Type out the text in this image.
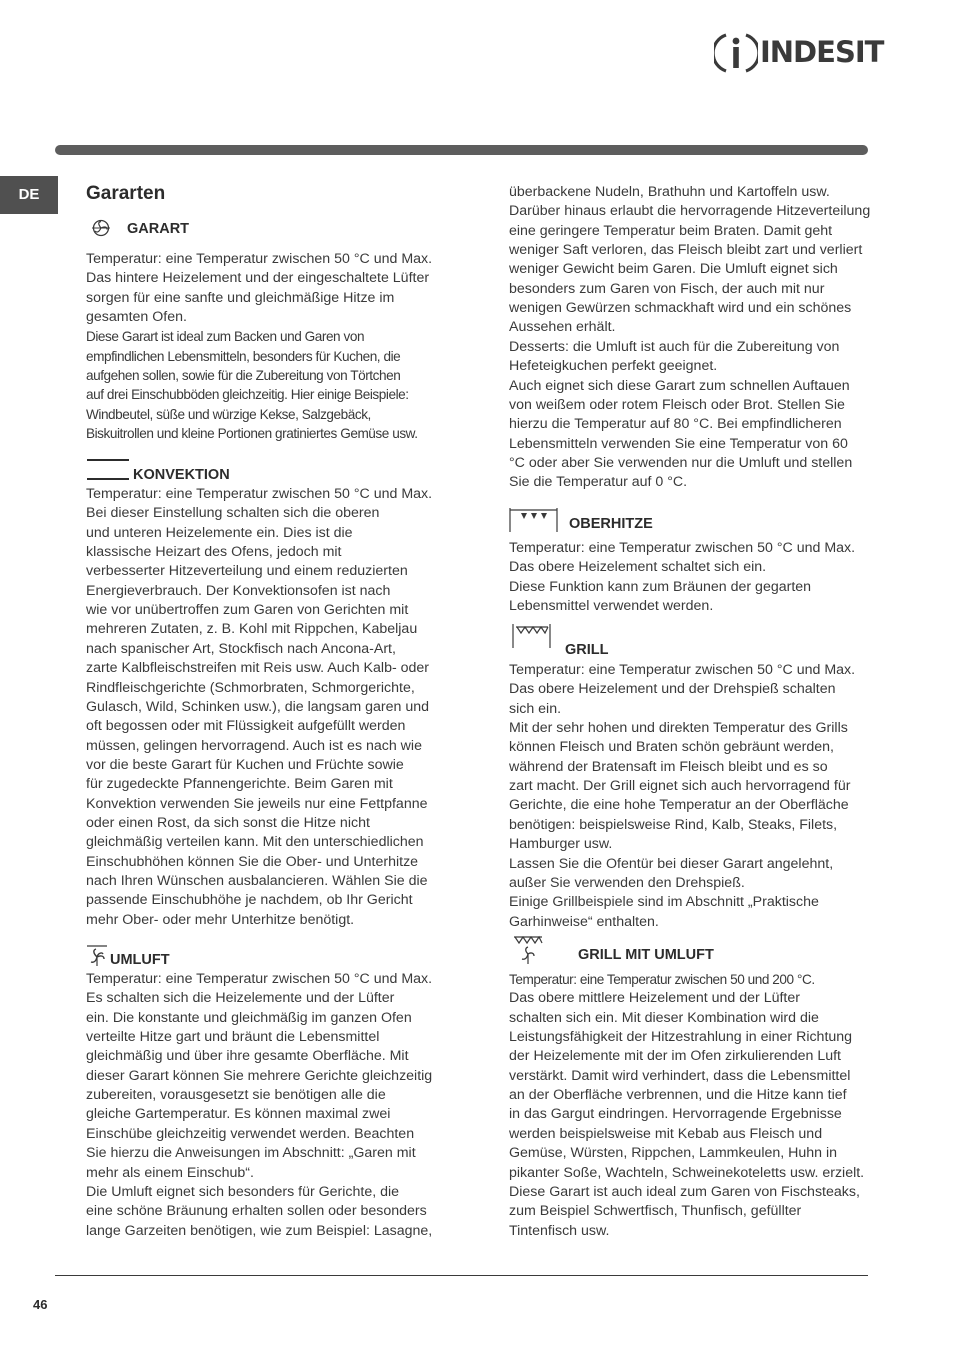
INDESIT
DE	Gararten
GARART

Temperatur: eine Temperatur zwischen 50 °C und Max.

Das hintere Heizelement und der eingeschaltete Lüfter

sorgen für eine sanfte und gleichmäßige Hitze im

gesamten Ofen.

Diese Garart ist ideal zum Backen und Garen von

empfindlichen Lebensmitteln, besonders für Kuchen, die

aufgehen sollen, sowie für die Zubereitung von Törtchen

auf drei Einschubböden gleichzeitig. Hier einige Beispiele:

Windbeutel, süße und würzige Kekse, Salzgebäck,

Biskuitrollen und kleine Portionen gratiniertes Gemüse usw.

KONVEKTION

Temperatur: eine Temperatur zwischen 50 °C und Max.

Bei dieser Einstellung schalten sich die oberen

und unteren Heizelemente ein. Dies ist die

klassische Heizart des Ofens, jedoch mit

verbesserter Hitzeverteilung und einem reduzierten

Energieverbrauch. Der Konvektionsofen ist nach

wie vor unübertroffen zum Garen von Gerichten mit

mehreren Zutaten, z. B. Kohl mit Rippchen, Kabeljau

nach spanischer Art, Stockfisch nach Ancona-Art,

zarte Kalbfleischstreifen mit Reis usw. Auch Kalb- oder

Rindfleischgerichte (Schmorbraten, Schmorgerichte,

Gulasch, Wild, Schinken usw.), die langsam garen und

oft begossen oder mit Flüssigkeit aufgefüllt werden

müssen, gelingen hervorragend. Auch ist es nach wie

vor die beste Garart für Kuchen und Früchte sowie

für zugedeckte Pfannengerichte. Beim Garen mit

Konvektion verwenden Sie jeweils nur eine Fettpfanne

oder einen Rost, da sich sonst die Hitze nicht

gleichmäßig verteilen kann. Mit den unterschiedlichen

Einschubhöhen können Sie die Ober- und Unterhitze

nach Ihren Wünschen ausbalancieren. Wählen Sie die

passende Einschubhöhe je nachdem, ob Ihr Gericht

mehr Ober- oder mehr Unterhitze benötigt.

UMLUFT

Temperatur: eine Temperatur zwischen 50 °C und Max.

Es schalten sich die Heizelemente und der Lüfter

ein. Die konstante und gleichmäßig im ganzen Ofen

verteilte Hitze gart und bräunt die Lebensmittel

gleichmäßig und über ihre gesamte Oberfläche. Mit

dieser Garart können Sie mehrere Gerichte gleichzeitig

zubereiten, vorausgesetzt sie benötigen alle die

gleiche Gartemperatur. Es können maximal zwei

Einschübe gleichzeitig verwendet werden. Beachten

Sie hierzu die Anweisungen im Abschnitt: „Garen mit

mehr als einem Einschub“.

Die Umluft eignet sich besonders für Gerichte, die

eine schöne Bräunung erhalten sollen oder besonders

lange Garzeiten benötigen, wie zum Beispiel: Lasagne,

überbackene Nudeln, Brathuhn und Kartoffeln usw.

Darüber hinaus erlaubt die hervorragende Hitzeverteilung

eine geringere Temperatur beim Braten. Damit geht

weniger Saft verloren, das Fleisch bleibt zart und verliert

weniger Gewicht beim Garen. Die Umluft eignet sich

besonders zum Garen von Fisch, der auch mit nur

wenigen Gewürzen schmackhaft wird und ein schönes

Aussehen erhält.

Desserts: die Umluft ist auch für die Zubereitung von

Hefeteigkuchen perfekt geeignet.

Auch eignet sich diese Garart zum schnellen Auftauen

von weißem oder rotem Fleisch oder Brot. Stellen Sie

hierzu die Temperatur auf 80 °C. Bei empfindlicheren

Lebensmitteln verwenden Sie eine Temperatur von 60

°C oder aber Sie verwenden nur die Umluft und stellen

Sie die Temperatur auf 0 °C.

OBERHITZE

Temperatur: eine Temperatur zwischen 50 °C und Max.

Das obere Heizelement schaltet sich ein.

Diese Funktion kann zum Bräunen der gegarten

Lebensmittel verwendet werden.

GRILL

Temperatur: eine Temperatur zwischen 50 °C und Max.

Das obere Heizelement und der Drehspieß schalten

sich ein.

Mit der sehr hohen und direkten Temperatur des Grills

können Fleisch und Braten schön gebräunt werden,

während der Bratensaft im Fleisch bleibt und es so

zart macht. Der Grill eignet sich auch hervorragend für

Gerichte, die eine hohe Temperatur an der Oberfläche

benötigen: beispielsweise Rind, Kalb, Steaks, Filets,

Hamburger usw.

Lassen Sie die Ofentür bei dieser Garart angelehnt,

außer Sie verwenden den Drehspieß.

Einige Grillbeispiele sind im Abschnitt „Praktische

Garhinweise“ enthalten.

GRILL MIT UMLUFT

Temperatur: eine Temperatur zwischen 50 und 200 °C.

Das obere mittlere Heizelement und der Lüfter

schalten sich ein. Mit dieser Kombination wird die

Leistungsfähigkeit der Hitzestrahlung in einer Richtung

der Heizelemente mit der im Ofen zirkulierenden Luft

verstärkt. Damit wird verhindert, dass die Lebensmittel

an der Oberfläche verbrennen, und die Hitze kann tief

in das Gargut eindringen. Hervorragende Ergebnisse

werden beispielsweise mit Kebab aus Fleisch und

Gemüse, Würsten, Rippchen, Lammkeulen, Huhn in

pikanter Soße, Wachteln, Schweinekoteletts usw. erzielt.

Diese Garart ist auch ideal zum Garen von Fischsteaks,

zum Beispiel Schwertfisch, Thunfisch, gefüllter

Tintenfisch usw.

46
